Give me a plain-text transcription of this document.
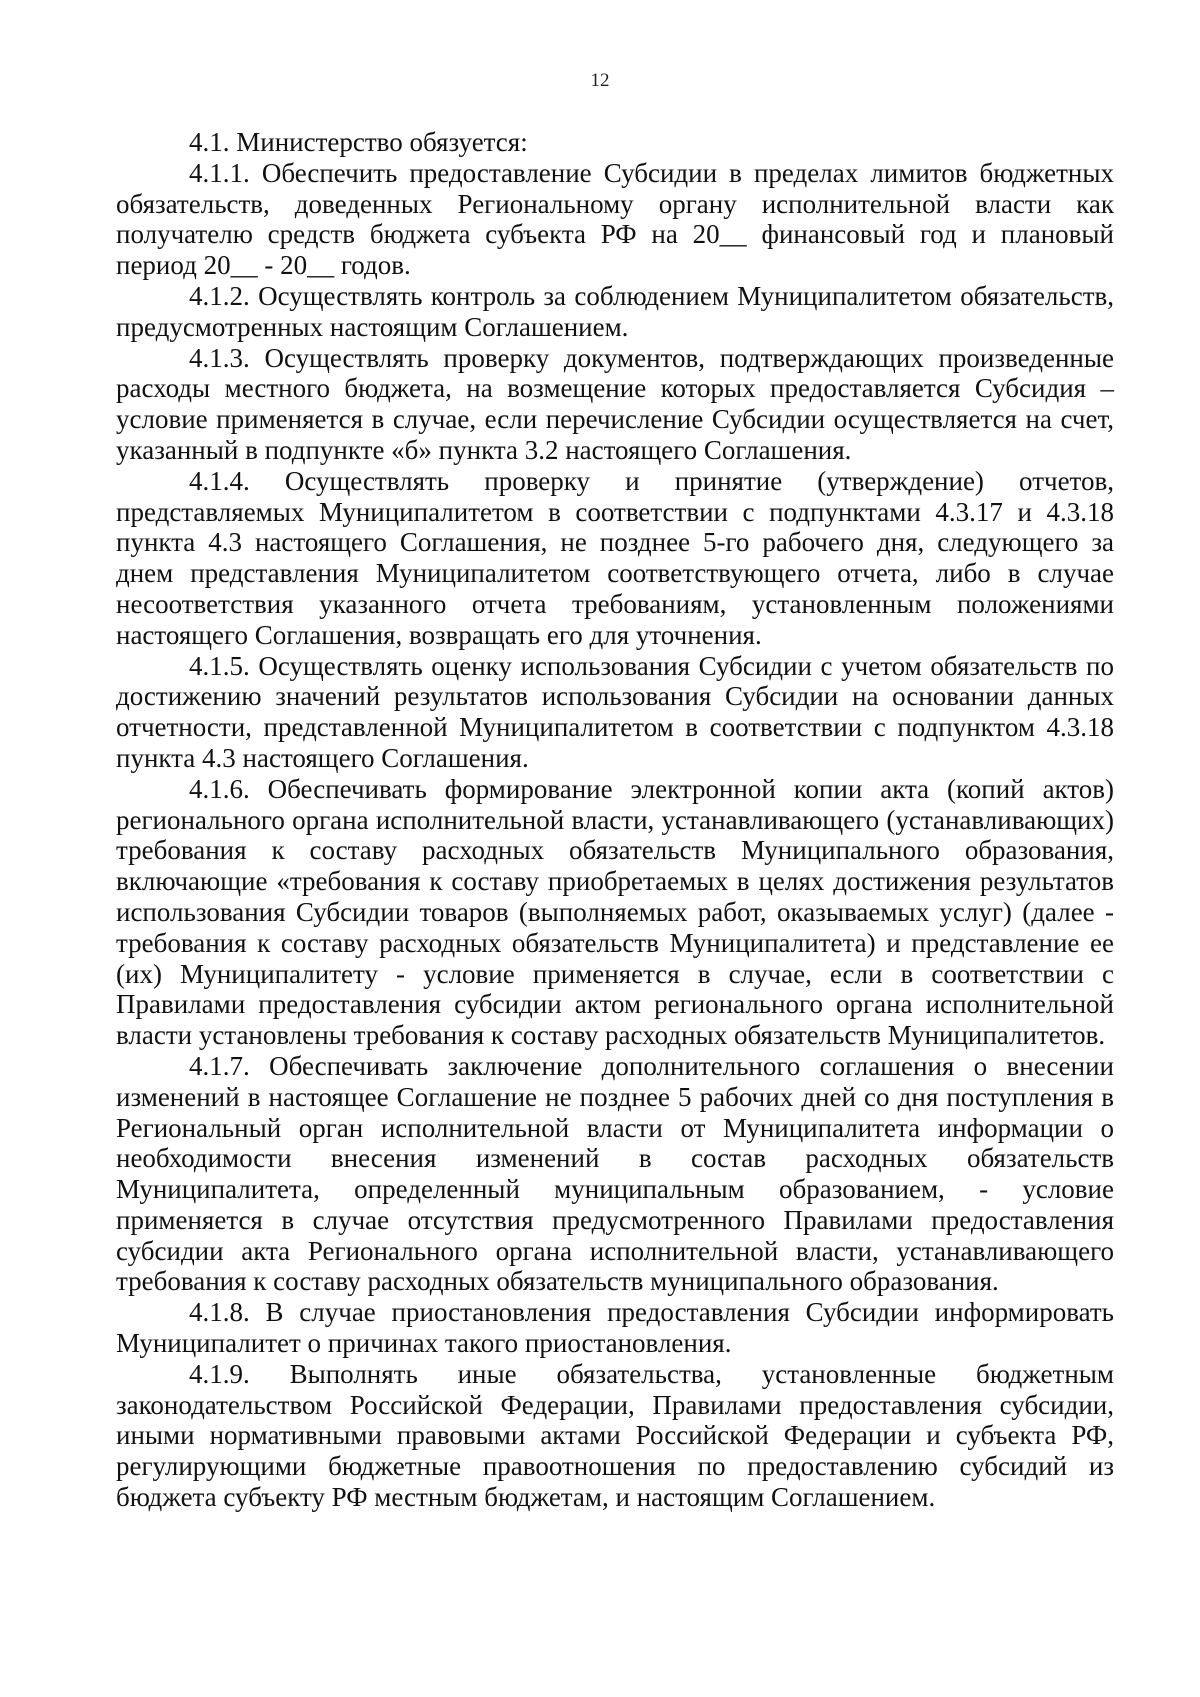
12

4.1. Министерство обязуется:

4.1.1. Обеспечить предоставление Субсидии в пределах лимитов бюджетных обязательств, доведенных Региональному органу исполнительной власти как получателю средств бюджета субъекта РФ на 20__ финансовый год и плановый период 20__ - 20__ годов.

4.1.2. Осуществлять контроль за соблюдением Муниципалитетом обязательств, предусмотренных настоящим Соглашением.

4.1.3. Осуществлять проверку документов, подтверждающих произведенные расходы местного бюджета, на возмещение которых предоставляется Субсидия – условие применяется в случае, если перечисление Субсидии осуществляется на счет, указанный в подпункте «б» пункта 3.2 настоящего Соглашения.

4.1.4. Осуществлять проверку и принятие (утверждение) отчетов, представляемых Муниципалитетом в соответствии с подпунктами 4.3.17 и 4.3.18 пункта 4.3 настоящего Соглашения, не позднее 5-го рабочего дня, следующего за днем представления Муниципалитетом соответствующего отчета, либо в случае несоответствия указанного отчета требованиям, установленным положениями настоящего Соглашения, возвращать его для уточнения.

4.1.5. Осуществлять оценку использования Субсидии с учетом обязательств по достижению значений результатов использования Субсидии на основании данных отчетности, представленной Муниципалитетом в соответствии с подпунктом 4.3.18 пункта 4.3 настоящего Соглашения.

4.1.6. Обеспечивать формирование электронной копии акта (копий актов) регионального органа исполнительной власти, устанавливающего (устанавливающих) требования к составу расходных обязательств Муниципального образования, включающие «требования к составу приобретаемых в целях достижения результатов использования Субсидии товаров (выполняемых работ, оказываемых услуг) (далее - требования к составу расходных обязательств Муниципалитета) и представление ее (их) Муниципалитету - условие применяется в случае, если в соответствии с Правилами предоставления субсидии актом регионального органа исполнительной власти установлены требования к составу расходных обязательств Муниципалитетов.

4.1.7. Обеспечивать заключение дополнительного соглашения о внесении изменений в настоящее Соглашение не позднее 5 рабочих дней со дня поступления в Региональный орган исполнительной власти от Муниципалитета информации о необходимости внесения изменений в состав расходных обязательств Муниципалитета, определенный муниципальным образованием, - условие применяется в случае отсутствия предусмотренного Правилами предоставления субсидии акта Регионального органа исполнительной власти, устанавливающего требования к составу расходных обязательств муниципального образования.

4.1.8. В случае приостановления предоставления Субсидии информировать Муниципалитет о причинах такого приостановления.

4.1.9. Выполнять иные обязательства, установленные бюджетным законодательством Российской Федерации, Правилами предоставления субсидии, иными нормативными правовыми актами Российской Федерации и субъекта РФ, регулирующими бюджетные правоотношения по предоставлению субсидий из бюджета субъекту РФ местным бюджетам, и настоящим Соглашением.
